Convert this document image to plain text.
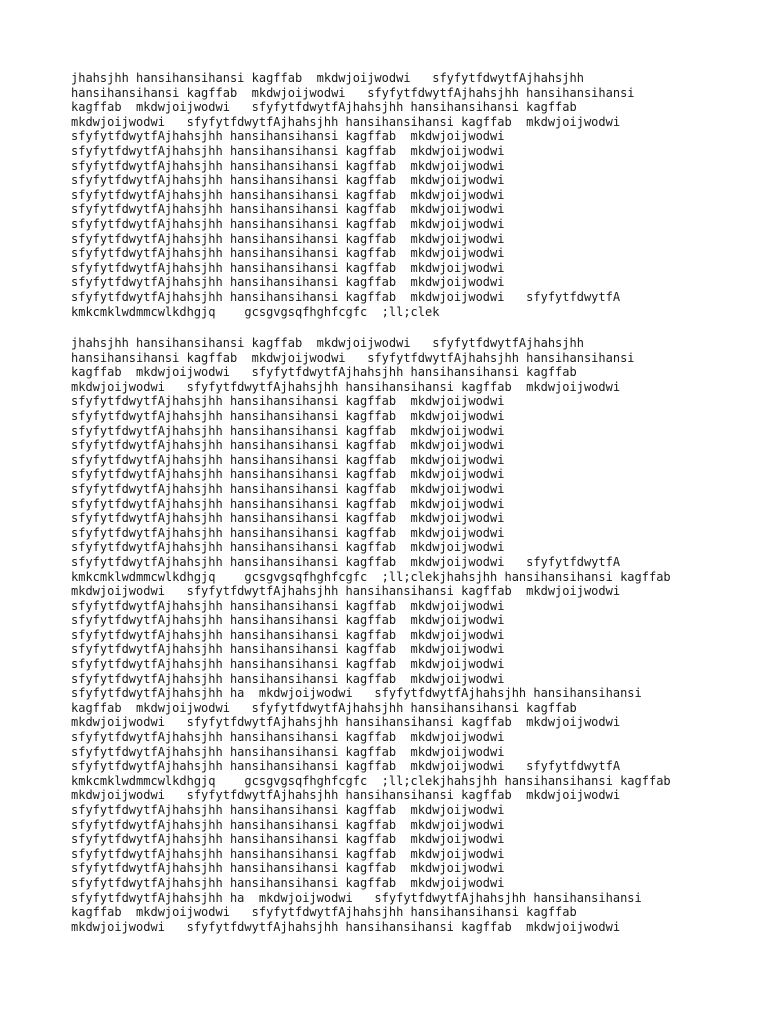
jhahsjhh hansihansihansi kagffab  mkdwjoijwodwi   sfyfytfdwytfAjhahsjhh
hansihansihansi kagffab  mkdwjoijwodwi   sfyfytfdwytfAjhahsjhh hansihansihansi
kagffab  mkdwjoijwodwi   sfyfytfdwytfAjhahsjhh hansihansihansi kagffab
mkdwjoijwodwi   sfyfytfdwytfAjhahsjhh hansihansihansi kagffab  mkdwjoijwodwi
sfyfytfdwytfAjhahsjhh hansihansihansi kagffab  mkdwjoijwodwi
sfyfytfdwytfAjhahsjhh hansihansihansi kagffab  mkdwjoijwodwi
sfyfytfdwytfAjhahsjhh hansihansihansi kagffab  mkdwjoijwodwi
sfyfytfdwytfAjhahsjhh hansihansihansi kagffab  mkdwjoijwodwi
sfyfytfdwytfAjhahsjhh hansihansihansi kagffab  mkdwjoijwodwi
sfyfytfdwytfAjhahsjhh hansihansihansi kagffab  mkdwjoijwodwi
sfyfytfdwytfAjhahsjhh hansihansihansi kagffab  mkdwjoijwodwi
sfyfytfdwytfAjhahsjhh hansihansihansi kagffab  mkdwjoijwodwi
sfyfytfdwytfAjhahsjhh hansihansihansi kagffab  mkdwjoijwodwi
sfyfytfdwytfAjhahsjhh hansihansihansi kagffab  mkdwjoijwodwi
sfyfytfdwytfAjhahsjhh hansihansihansi kagffab  mkdwjoijwodwi
sfyfytfdwytfAjhahsjhh hansihansihansi kagffab  mkdwjoijwodwi   sfyfytfdwytfA
kmkcmklwdmmcwlkdhgjq    gcsgvgsqfhghfcgfc  ;ll;clek
jhahsjhh hansihansihansi kagffab  mkdwjoijwodwi   sfyfytfdwytfAjhahsjhh
hansihansihansi kagffab  mkdwjoijwodwi   sfyfytfdwytfAjhahsjhh hansihansihansi
kagffab  mkdwjoijwodwi   sfyfytfdwytfAjhahsjhh hansihansihansi kagffab
mkdwjoijwodwi   sfyfytfdwytfAjhahsjhh hansihansihansi kagffab  mkdwjoijwodwi
sfyfytfdwytfAjhahsjhh hansihansihansi kagffab  mkdwjoijwodwi
sfyfytfdwytfAjhahsjhh hansihansihansi kagffab  mkdwjoijwodwi
sfyfytfdwytfAjhahsjhh hansihansihansi kagffab  mkdwjoijwodwi
sfyfytfdwytfAjhahsjhh hansihansihansi kagffab  mkdwjoijwodwi
sfyfytfdwytfAjhahsjhh hansihansihansi kagffab  mkdwjoijwodwi
sfyfytfdwytfAjhahsjhh hansihansihansi kagffab  mkdwjoijwodwi
sfyfytfdwytfAjhahsjhh hansihansihansi kagffab  mkdwjoijwodwi
sfyfytfdwytfAjhahsjhh hansihansihansi kagffab  mkdwjoijwodwi
sfyfytfdwytfAjhahsjhh hansihansihansi kagffab  mkdwjoijwodwi
sfyfytfdwytfAjhahsjhh hansihansihansi kagffab  mkdwjoijwodwi
sfyfytfdwytfAjhahsjhh hansihansihansi kagffab  mkdwjoijwodwi
sfyfytfdwytfAjhahsjhh hansihansihansi kagffab  mkdwjoijwodwi   sfyfytfdwytfA
kmkcmklwdmmcwlkdhgjq    gcsgvgsqfhghfcgfc  ;ll;clekjhahsjhh hansihansihansi kagffab
mkdwjoijwodwi   sfyfytfdwytfAjhahsjhh hansihansihansi kagffab  mkdwjoijwodwi
sfyfytfdwytfAjhahsjhh hansihansihansi kagffab  mkdwjoijwodwi
sfyfytfdwytfAjhahsjhh hansihansihansi kagffab  mkdwjoijwodwi
sfyfytfdwytfAjhahsjhh hansihansihansi kagffab  mkdwjoijwodwi
sfyfytfdwytfAjhahsjhh hansihansihansi kagffab  mkdwjoijwodwi
sfyfytfdwytfAjhahsjhh hansihansihansi kagffab  mkdwjoijwodwi
sfyfytfdwytfAjhahsjhh hansihansihansi kagffab  mkdwjoijwodwi
sfyfytfdwytfAjhahsjhh ha  mkdwjoijwodwi   sfyfytfdwytfAjhahsjhh hansihansihansi
kagffab  mkdwjoijwodwi   sfyfytfdwytfAjhahsjhh hansihansihansi kagffab
mkdwjoijwodwi   sfyfytfdwytfAjhahsjhh hansihansihansi kagffab  mkdwjoijwodwi
sfyfytfdwytfAjhahsjhh hansihansihansi kagffab  mkdwjoijwodwi
sfyfytfdwytfAjhahsjhh hansihansihansi kagffab  mkdwjoijwodwi
sfyfytfdwytfAjhahsjhh hansihansihansi kagffab  mkdwjoijwodwi   sfyfytfdwytfA
kmkcmklwdmmcwlkdhgjq    gcsgvgsqfhghfcgfc  ;ll;clekjhahsjhh hansihansihansi kagffab
mkdwjoijwodwi   sfyfytfdwytfAjhahsjhh hansihansihansi kagffab  mkdwjoijwodwi
sfyfytfdwytfAjhahsjhh hansihansihansi kagffab  mkdwjoijwodwi
sfyfytfdwytfAjhahsjhh hansihansihansi kagffab  mkdwjoijwodwi
sfyfytfdwytfAjhahsjhh hansihansihansi kagffab  mkdwjoijwodwi
sfyfytfdwytfAjhahsjhh hansihansihansi kagffab  mkdwjoijwodwi
sfyfytfdwytfAjhahsjhh hansihansihansi kagffab  mkdwjoijwodwi
sfyfytfdwytfAjhahsjhh hansihansihansi kagffab  mkdwjoijwodwi
sfyfytfdwytfAjhahsjhh ha  mkdwjoijwodwi   sfyfytfdwytfAjhahsjhh hansihansihansi
kagffab  mkdwjoijwodwi   sfyfytfdwytfAjhahsjhh hansihansihansi kagffab
mkdwjoijwodwi   sfyfytfdwytfAjhahsjhh hansihansihansi kagffab  mkdwjoijwodwi
